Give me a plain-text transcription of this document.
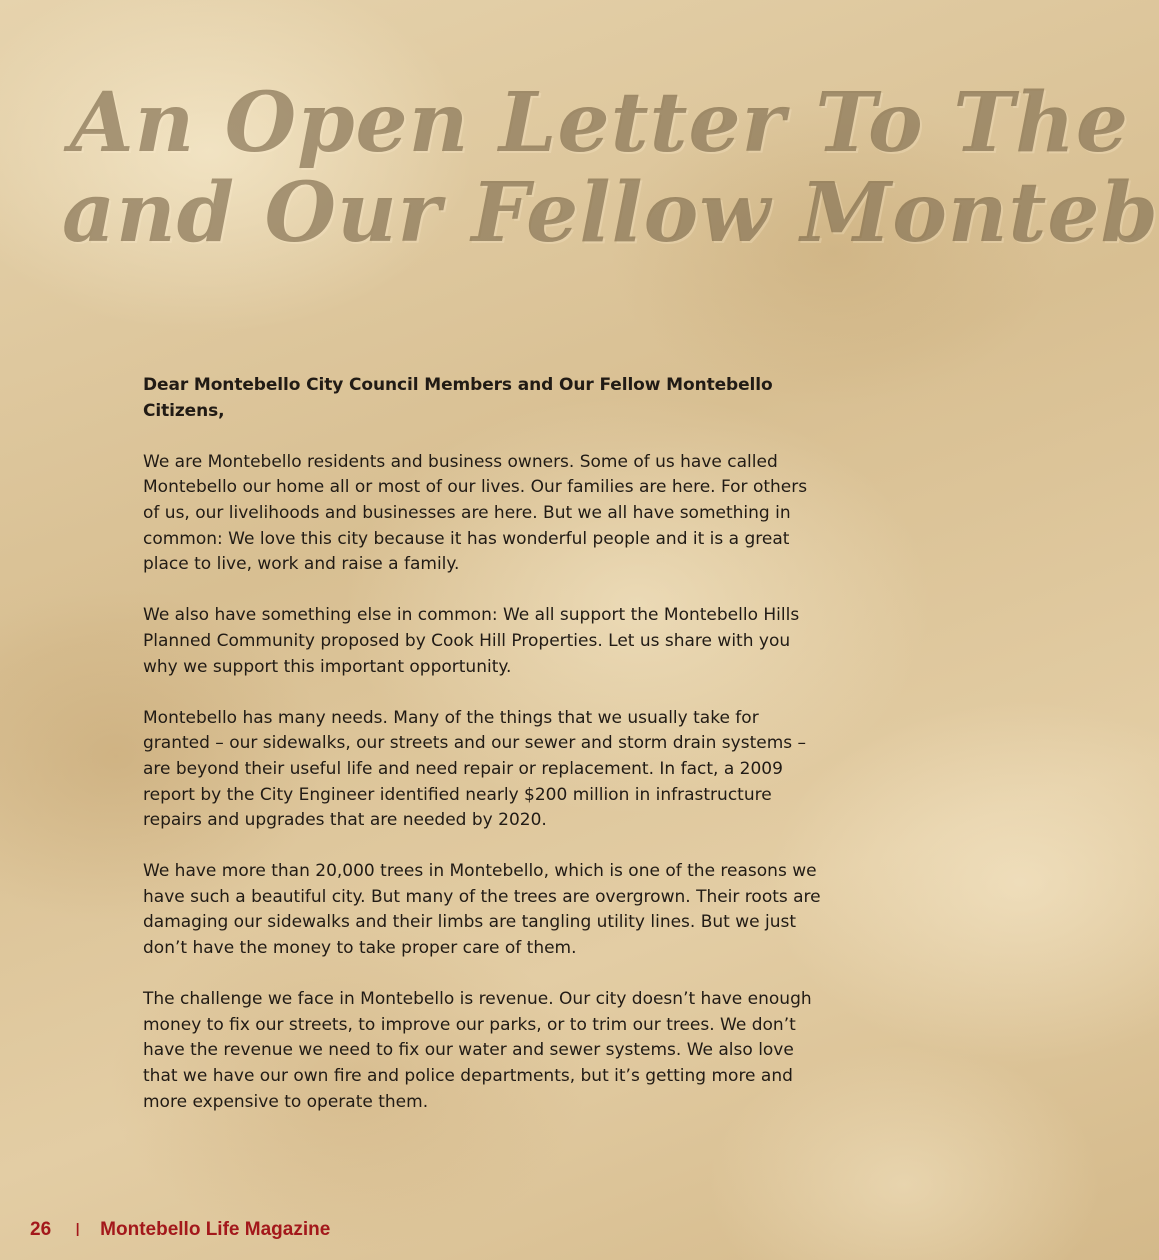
An Open Letter To The
and Our Fellow Monteb

Dear Montebello City Council Members and Our Fellow Montebello Citizens,

We are Montebello residents and business owners. Some of us have called Montebello our home all or most of our lives. Our families are here. For others of us, our livelihoods and businesses are here. But we all have something in common: We love this city because it has wonderful people and it is a great place to live, work and raise a family.

We also have something else in common: We all support the Montebello Hills Planned Community proposed by Cook Hill Properties. Let us share with you why we support this important opportunity.

Montebello has many needs. Many of the things that we usually take for granted – our sidewalks, our streets and our sewer and storm drain systems – are beyond their useful life and need repair or replacement. In fact, a 2009 report by the City Engineer identified nearly $200 million in infrastructure repairs and upgrades that are needed by 2020.

We have more than 20,000 trees in Montebello, which is one of the reasons we have such a beautiful city. But many of the trees are overgrown. Their roots are damaging our sidewalks and their limbs are tangling utility lines. But we just don’t have the money to take proper care of them.

The challenge we face in Montebello is revenue. Our city doesn’t have enough money to fix our streets, to improve our parks, or to trim our trees. We don’t have the revenue we need to fix our water and sewer systems. We also love that we have our own fire and police departments, but it’s getting more and more expensive to operate them.

26 I Montebello Life Magazine
